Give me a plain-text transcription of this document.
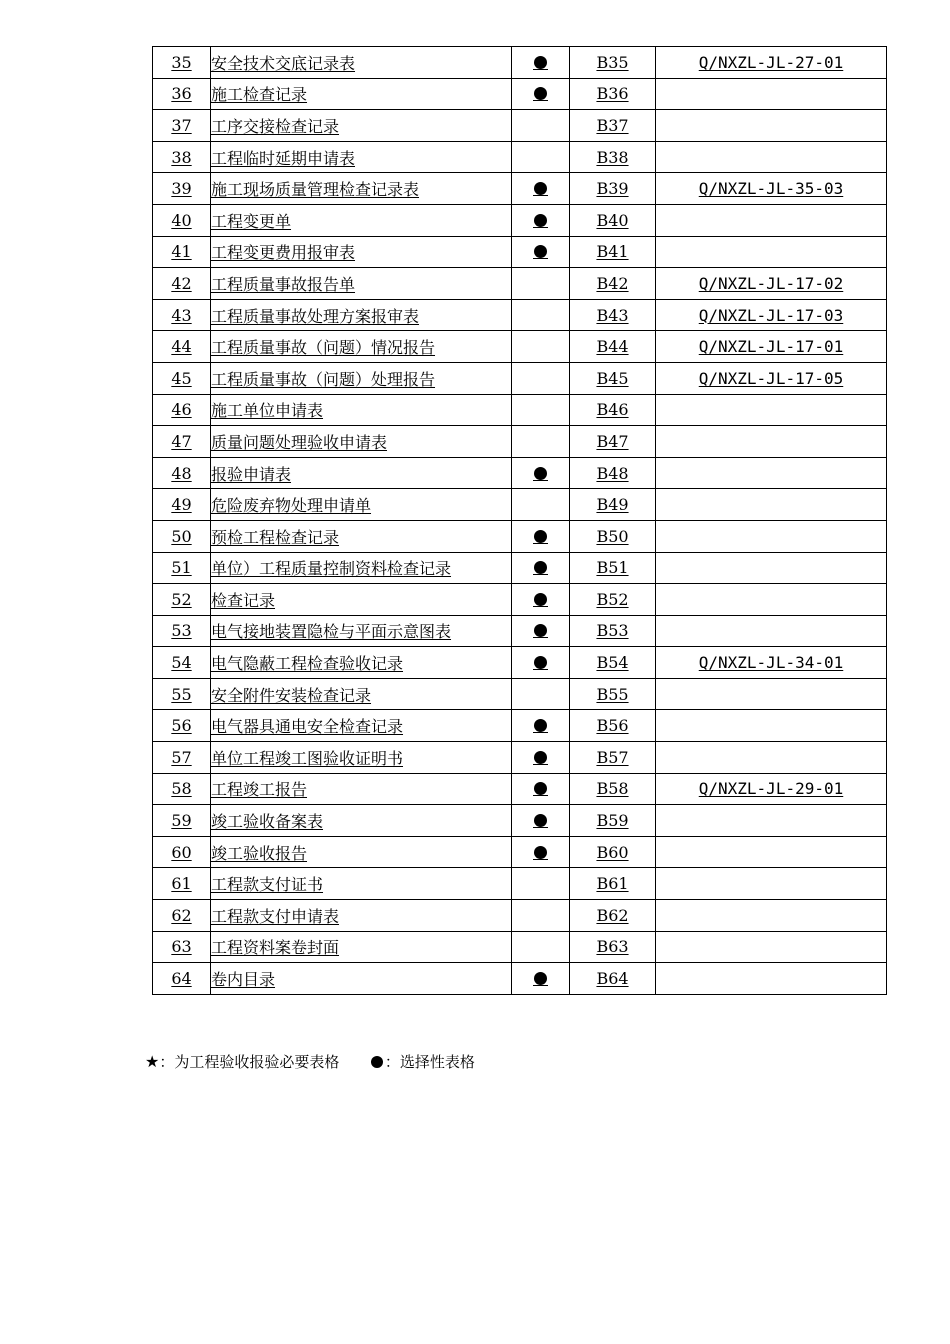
35	安全技术交底记录表		B35	Q/NXZL-JL-27-01
36	施工检查记录		B36	
37	工序交接检查记录		B37	
38	工程临时延期申请表		B38	
39	施工现场质量管理检查记录表		B39	Q/NXZL-JL-35-03
40	工程变更单		B40	
41	工程变更费用报审表		B41	
42	工程质量事故报告单		B42	Q/NXZL-JL-17-02
43	工程质量事故处理方案报审表		B43	Q/NXZL-JL-17-03
44	工程质量事故（问题）情况报告		B44	Q/NXZL-JL-17-01
45	工程质量事故（问题）处理报告		B45	Q/NXZL-JL-17-05
46	施工单位申请表		B46	
47	质量问题处理验收申请表		B47	
48	报验申请表		B48	
49	危险废弃物处理申请单		B49	
50	预检工程检查记录		B50	
51	单位）工程质量控制资料检查记录		B51	
52	检查记录		B52	
53	电气接地装置隐检与平面示意图表		B53	
54	电气隐蔽工程检查验收记录		B54	Q/NXZL-JL-34-01
55	安全附件安装检查记录		B55	
56	电气器具通电安全检查记录		B56	
57	单位工程竣工图验收证明书		B57	
58	工程竣工报告		B58	Q/NXZL-JL-29-01
59	竣工验收备案表		B59	
60	竣工验收报告		B60	
61	工程款支付证书		B61	
62	工程款支付申请表		B62	
63	工程资料案卷封面		B63	
64	卷内目录		B64	
★：为工程验收报验必要表格	：选择性表格
